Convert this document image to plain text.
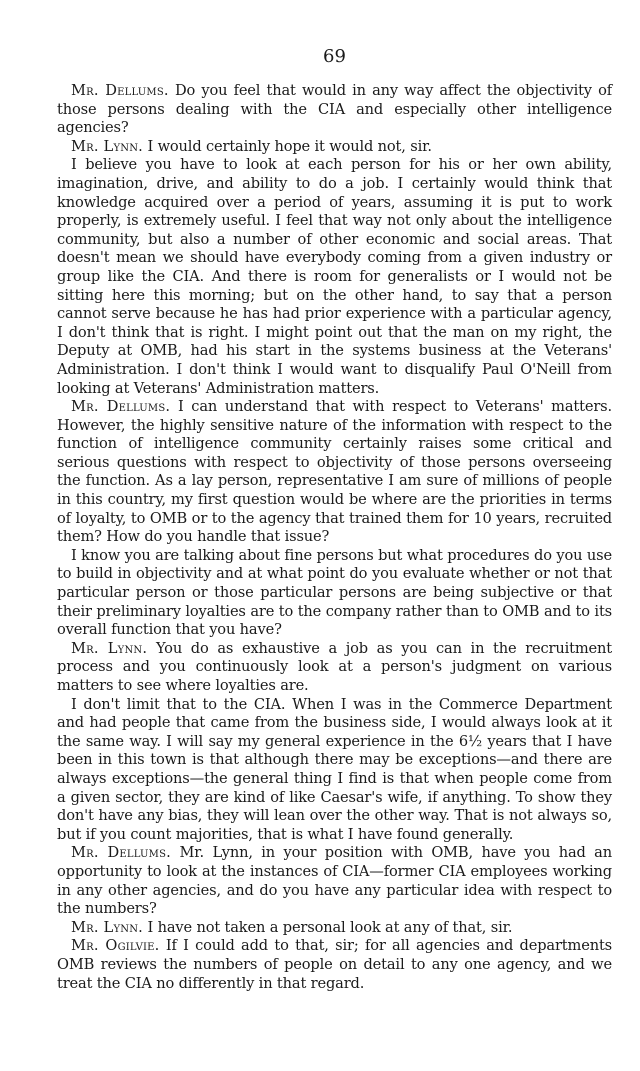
69

Mr. Dellums. Do you feel that would in any way affect the objectivity of those persons dealing with the CIA and especially other intelligence agencies?

Mr. Lynn. I would certainly hope it would not, sir.

I believe you have to look at each person for his or her own ability, imagination, drive, and ability to do a job. I certainly would think that knowledge acquired over a period of years, assuming it is put to work properly, is extremely useful. I feel that way not only about the intelligence community, but also a number of other economic and social areas. That doesn't mean we should have everybody coming from a given industry or group like the CIA. And there is room for generalists or I would not be sitting here this morning; but on the other hand, to say that a person cannot serve because he has had prior experience with a particular agency, I don't think that is right. I might point out that the man on my right, the Deputy at OMB, had his start in the systems business at the Veterans' Administration. I don't think I would want to disqualify Paul O'Neill from looking at Veterans' Administration matters.

Mr. Dellums. I can understand that with respect to Veterans' matters. However, the highly sensitive nature of the information with respect to the function of intelligence community certainly raises some critical and serious questions with respect to objectivity of those persons overseeing the function. As a lay person, representative I am sure of millions of people in this country, my first question would be where are the priorities in terms of loyalty, to OMB or to the agency that trained them for 10 years, recruited them? How do you handle that issue?

I know you are talking about fine persons but what procedures do you use to build in objectivity and at what point do you evaluate whether or not that particular person or those particular persons are being subjective or that their preliminary loyalties are to the company rather than to OMB and to its overall function that you have?

Mr. Lynn. You do as exhaustive a job as you can in the recruitment process and you continuously look at a person's judgment on various matters to see where loyalties are.

I don't limit that to the CIA. When I was in the Commerce Department and had people that came from the business side, I would always look at it the same way. I will say my general experience in the 6½ years that I have been in this town is that although there may be exceptions—and there are always exceptions—the general thing I find is that when people come from a given sector, they are kind of like Caesar's wife, if anything. To show they don't have any bias, they will lean over the other way. That is not always so, but if you count majorities, that is what I have found generally.

Mr. Dellums. Mr. Lynn, in your position with OMB, have you had an opportunity to look at the instances of CIA—former CIA employees working in any other agencies, and do you have any particular idea with respect to the numbers?

Mr. Lynn. I have not taken a personal look at any of that, sir.

Mr. Ogilvie. If I could add to that, sir; for all agencies and departments OMB reviews the numbers of people on detail to any one agency, and we treat the CIA no differently in that regard.
